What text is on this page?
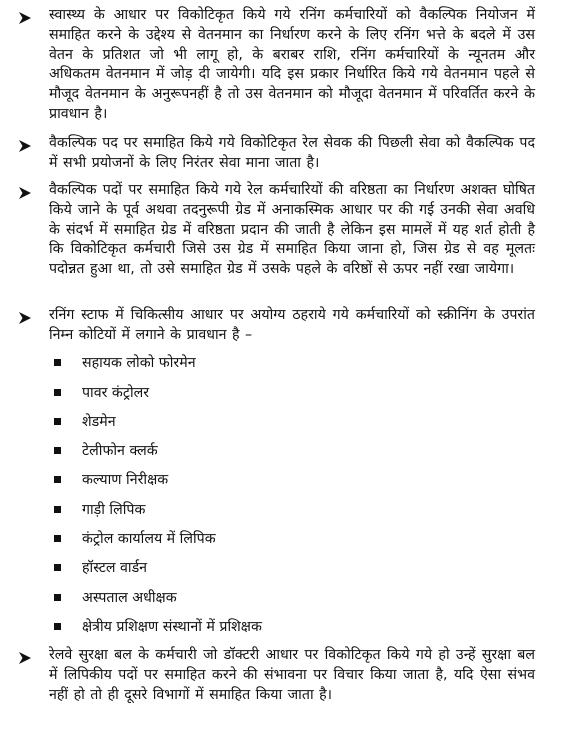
स्वास्थ्य के आधार पर विकोटिकृत किये गये रनिंग कर्मचारियों को वैकल्पिक नियोजन में समाहित करने के उद्देश्य से वेतनमान का निर्धारण करने के लिए रनिंग भत्ते के बदले में उस वेतन के प्रतिशत जो भी लागू हो, के बराबर राशि, रनिंग कर्मचारियों के न्यूनतम और अधिकतम वेतनमान में जोड़ दी जायेगी। यदि इस प्रकार निर्धारित किये गये वेतनमान पहले से मौजूद वेतनमान के अनुरूपनहीं है तो उस वेतनमान को मौजूदा वेतनमान में परिवर्तित करने के प्रावधान है।
वैकल्पिक पद पर समाहित किये गये विकोटिकृत रेल सेवक की पिछली सेवा को वैकल्पिक पद में सभी प्रयोजनों के लिए निरंतर सेवा माना जाता है।
वैकल्पिक पदों पर समाहित किये गये रेल कर्मचारियों की वरिष्ठता का निर्धारण अशक्त घोषित किये जाने के पूर्व अथवा तदनुरूपी ग्रेड में अनाकस्मिक आधार पर की गई उनकी सेवा अवधि के संदर्भ में समाहित ग्रेड में वरिष्ठता प्रदान की जाती है लेकिन इस मामलें में यह शर्त होती है कि विकोटिकृत कर्मचारी जिसे उस ग्रेड में समाहित किया जाना हो, जिस ग्रेड से वह मूलतः पदोन्नत हुआ था, तो उसे समाहित ग्रेड में उसके पहले के वरिष्ठों से ऊपर नहीं रखा जायेगा।
रनिंग स्टाफ में चिकित्सीय आधार पर अयोग्य ठहराये गये कर्मचारियों को स्क्रीनिंग के उपरांत निम्न कोटियों में लगाने के प्रावधान है –
सहायक लोको फोरमेन
पावर कंट्रोलर
शेडमेन
टेलीफोन क्लर्क
कल्याण निरीक्षक
गाड़ी लिपिक
कंट्रोल कार्यालय में लिपिक
हॉस्टल वार्डन
अस्पताल अधीक्षक
क्षेत्रीय प्रशिक्षण संस्थानों में प्रशिक्षक
रेलवे सुरक्षा बल के कर्मचारी जो डॉक्टरी आधार पर विकोटिकृत किये गये हो उन्हें सुरक्षा बल में लिपिकीय पदों पर समाहित करने की संभावना पर विचार किया जाता है, यदि ऐसा संभव नहीं हो तो ही दूसरे विभागों में समाहित किया जाता है।
